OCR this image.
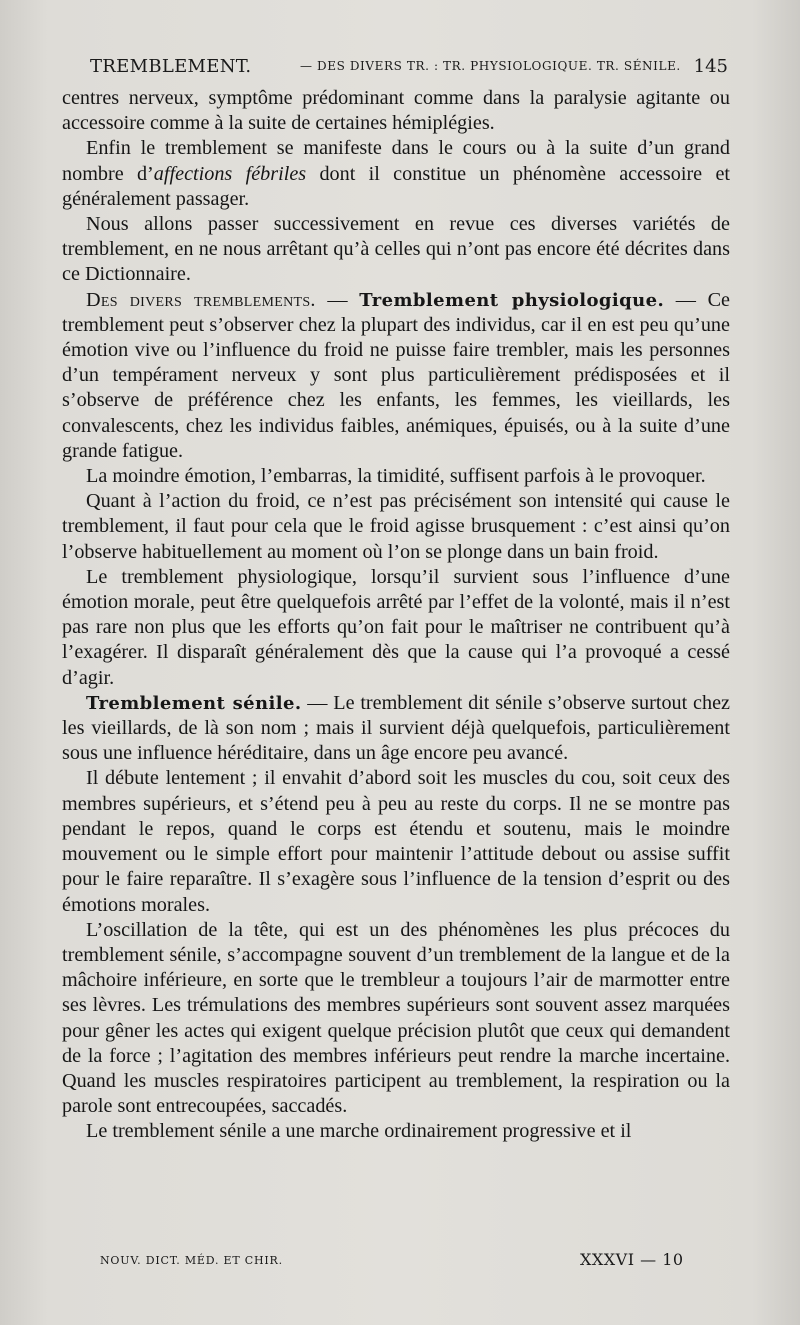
TREMBLEMENT.	— DES DIVERS TR. : TR. PHYSIOLOGIQUE. TR. SÉNILE. 145

centres nerveux, symptôme prédominant comme dans la paralysie agitante ou accessoire comme à la suite de certaines hémiplégies.

Enfin le tremblement se manifeste dans le cours ou à la suite d’un grand nombre d’affections fébriles dont il constitue un phénomène accessoire et généralement passager.

Nous allons passer successivement en revue ces diverses variétés de tremblement, en ne nous arrêtant qu’à celles qui n’ont pas encore été décrites dans ce Dictionnaire.

Des divers tremblements. — Tremblement physiologique. — Ce tremblement peut s’observer chez la plupart des individus, car il en est peu qu’une émotion vive ou l’influence du froid ne puisse faire trembler, mais les personnes d’un tempérament nerveux y sont plus particulièrement prédisposées et il s’observe de préférence chez les enfants, les femmes, les vieillards, les convalescents, chez les individus faibles, anémiques, épuisés, ou à la suite d’une grande fatigue.

La moindre émotion, l’embarras, la timidité, suffisent parfois à le provoquer.

Quant à l’action du froid, ce n’est pas précisément son intensité qui cause le tremblement, il faut pour cela que le froid agisse brusquement : c’est ainsi qu’on l’observe habituellement au moment où l’on se plonge dans un bain froid.

Le tremblement physiologique, lorsqu’il survient sous l’influence d’une émotion morale, peut être quelquefois arrêté par l’effet de la volonté, mais il n’est pas rare non plus que les efforts qu’on fait pour le maîtriser ne contribuent qu’à l’exagérer. Il disparaît généralement dès que la cause qui l’a provoqué a cessé d’agir.

Tremblement sénile. — Le tremblement dit sénile s’observe surtout chez les vieillards, de là son nom ; mais il survient déjà quelquefois, particulièrement sous une influence héréditaire, dans un âge encore peu avancé.

Il débute lentement ; il envahit d’abord soit les muscles du cou, soit ceux des membres supérieurs, et s’étend peu à peu au reste du corps. Il ne se montre pas pendant le repos, quand le corps est étendu et soutenu, mais le moindre mouvement ou le simple effort pour maintenir l’attitude debout ou assise suffit pour le faire reparaître. Il s’exagère sous l’influence de la tension d’esprit ou des émotions morales.

L’oscillation de la tête, qui est un des phénomènes les plus précoces du tremblement sénile, s’accompagne souvent d’un tremblement de la langue et de la mâchoire inférieure, en sorte que le trembleur a toujours l’air de marmotter entre ses lèvres. Les trémulations des membres supérieurs sont souvent assez marquées pour gêner les actes qui exigent quelque précision plutôt que ceux qui demandent de la force ; l’agitation des membres inférieurs peut rendre la marche incertaine. Quand les muscles respiratoires participent au tremblement, la respiration ou la parole sont entrecoupées, saccadés.

Le tremblement sénile a une marche ordinairement progressive et il

NOUV. DICT. MÉD. ET CHIR.	XXXVI — 10
